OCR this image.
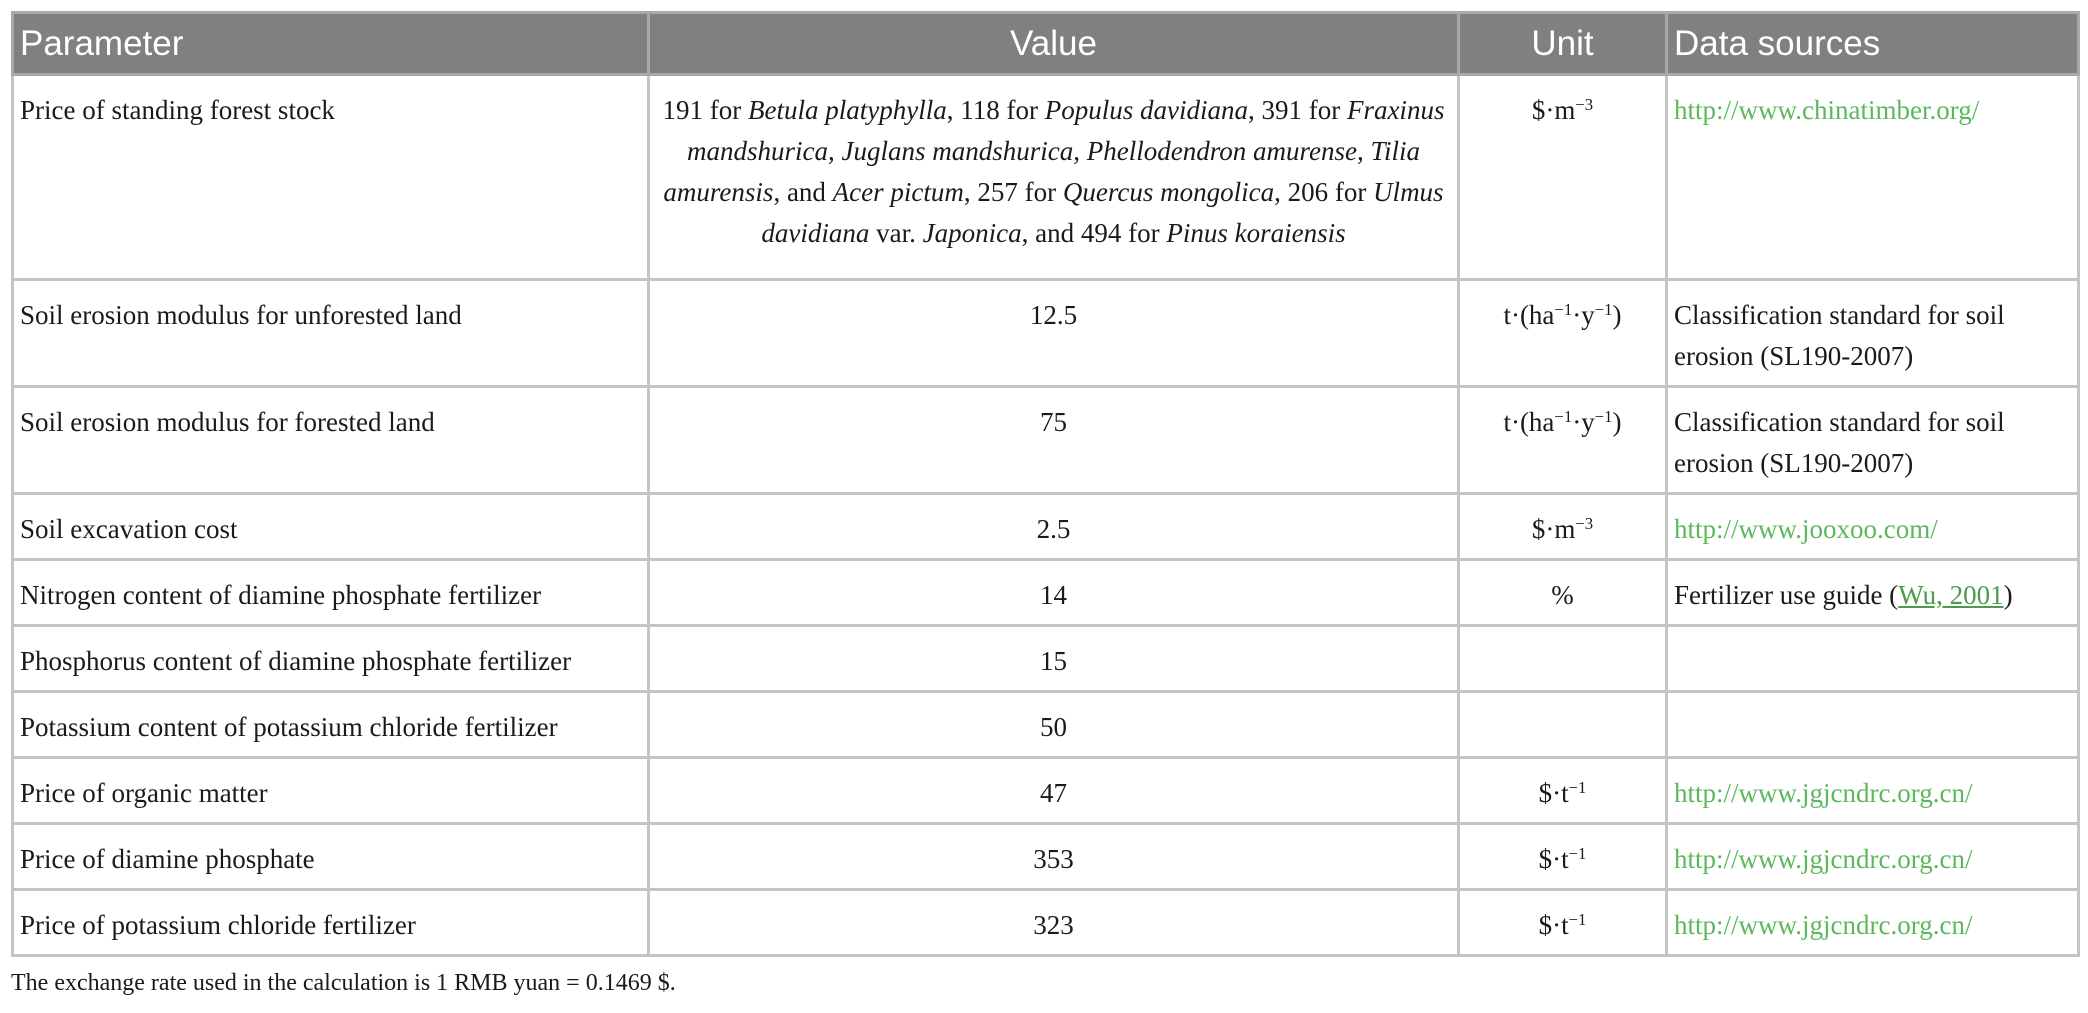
Parameter	Value	Unit	Data sources
Price of standing forest stock	191 for Betula platyphylla, 118 for Populus davidiana, 391 for Fraxinus mandshurica, Juglans mandshurica, Phellodendron amurense, Tilia amurensis, and Acer pictum, 257 for Quercus mongolica, 206 for Ulmus davidiana var. Japonica, and 494 for Pinus koraiensis	$\$\cdot m^{-3}$	http://www.chinatimber.org/
Soil erosion modulus for unforested land	12.5	$t\cdot(ha^{-1}\cdot y^{-1})$	Classification standard for soil erosion (SL190-2007)
Soil erosion modulus for forested land	75	$t\cdot(ha^{-1}\cdot y^{-1})$	Classification standard for soil erosion (SL190-2007)
Soil excavation cost	2.5	$\$\cdot m^{-3}$	http://www.jooxoo.com/
Nitrogen content of diamine phosphate fertilizer	14	%	Fertilizer use guide (Wu, 2001)
Phosphorus content of diamine phosphate fertilizer	15		
Potassium content of potassium chloride fertilizer	50		
Price of organic matter	47	$\$\cdot t^{-1}$	http://www.jgjcndrc.org.cn/
Price of diamine phosphate	353	$\$\cdot t^{-1}$	http://www.jgjcndrc.org.cn/
Price of potassium chloride fertilizer	323	$\$\cdot t^{-1}$	http://www.jgjcndrc.org.cn/
The exchange rate used in the calculation is 1 RMB yuan = 0.1469 $.
